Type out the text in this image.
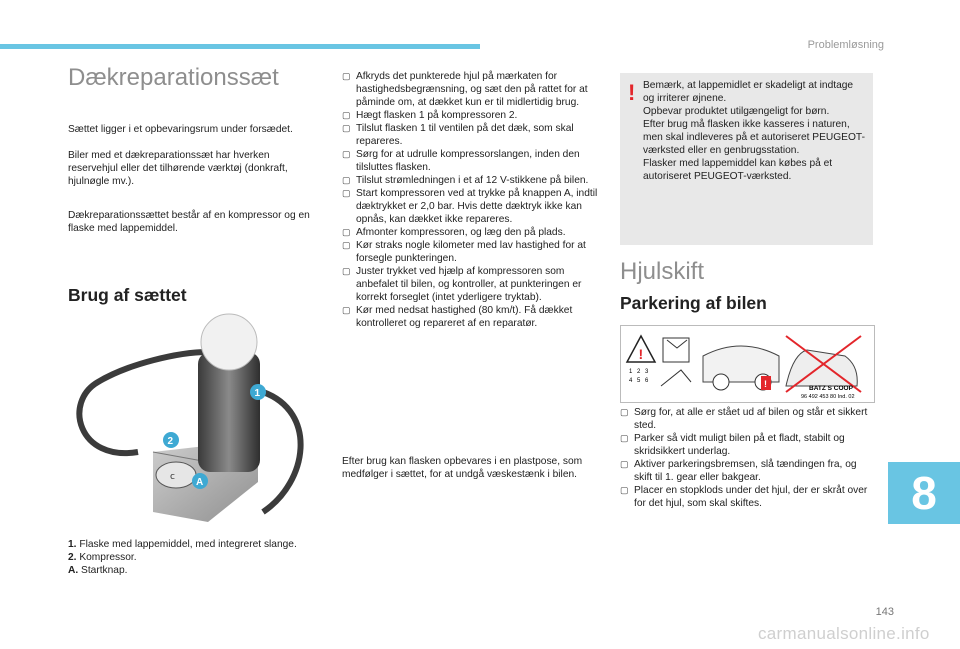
Problemløsning
Dækreparationssæt

Sættet ligger i et opbevaringsrum under forsædet.

Biler med et dækreparationssæt har hverken reservehjul eller det tilhørende værktøj (donkraft, hjulnøgle mv.).

Dækreparationssættet består af en kompressor og en flaske med lappemiddel.

Brug af sættet
c
1
2
A
1. Flaske med lappemiddel, med integreret slange.
2. Kompressor.
A. Startknap.
▢ Afkryds det punkterede hjul på mærkaten for hastighedsbegrænsning, og sæt den på rattet for at påminde om, at dækket kun er til midlertidig brug.
▢ Hægt flasken 1 på kompressoren 2.
▢ Tilslut flasken 1 til ventilen på det dæk, som skal repareres.
▢ Sørg for at udrulle kompressorslangen, inden den tilsluttes flasken.
▢ Tilslut strømledningen i et af 12 V-stikkene på bilen.
▢ Start kompressoren ved at trykke på knappen A, indtil dæktrykket er 2,0 bar. Hvis dette dæktryk ikke kan opnås, kan dækket ikke repareres.
▢ Afmonter kompressoren, og læg den på plads.
▢ Kør straks nogle kilometer med lav hastighed for at forsegle punkteringen.
▢ Juster trykket ved hjælp af kompressoren som anbefalet til bilen, og kontroller, at punkteringen er korrekt forseglet (intet yderligere tryktab).
▢ Kør med nedsat hastighed (80 km/t). Få dækket kontrolleret og repareret af en reparatør.

Efter brug kan flasken opbevares i en plastpose, som medfølger i sættet, for at undgå væskestænk i bilen.

! Bemærk, at lappemidlet er skadeligt at indtage og irriterer øjnene.
Opbevar produktet utilgængeligt for børn.
Efter brug må flasken ikke kasseres i naturen, men skal indleveres på et autoriseret PEUGEOT-værksted eller en genbrugsstation.
Flasker med lappemiddel kan købes på et autoriseret PEUGEOT-værksted.
Hjulskift
Parkering af bilen
!
1 2 3
4 5 6	!	BATZ S COOP
96 492 453 80 Ind. 02
▢ Sørg for, at alle er stået ud af bilen og står et sikkert sted.
▢ Parker så vidt muligt bilen på et fladt, stabilt og skridsikkert underlag.
▢ Aktiver parkeringsbremsen, slå tændingen fra, og skift til 1. gear eller bakgear.
▢ Placer en stopklods under det hjul, der er skråt over for det hjul, som skal skiftes.	8
143
carmanualsonline.info
